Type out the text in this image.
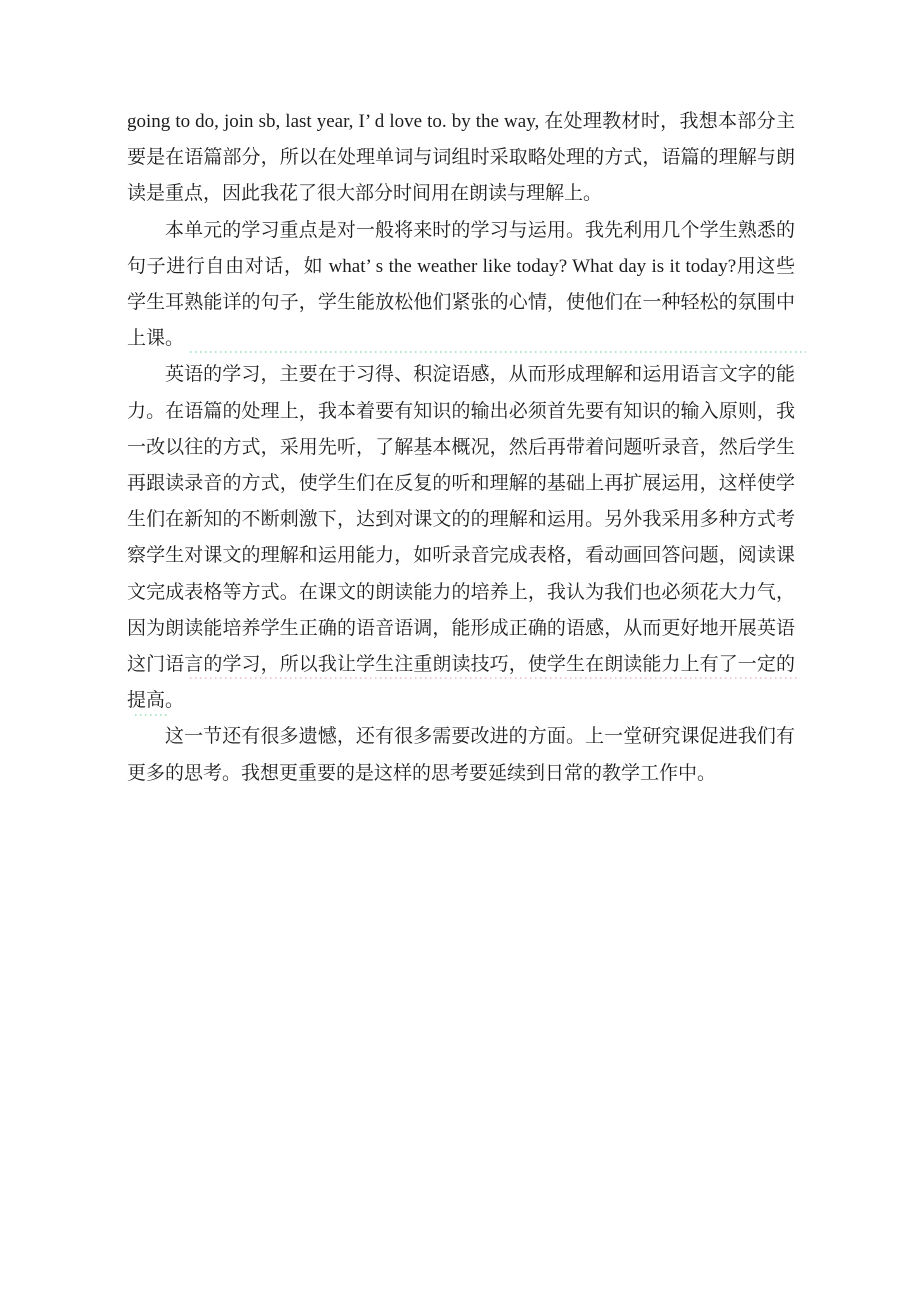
going to do, join sb, last year, I’ d love to. by the way, 在处理教材时，我想本部分主要是在语篇部分，所以在处理单词与词组时采取略处理的方式，语篇的理解与朗读是重点，因此我花了很大部分时间用在朗读与理解上。

本单元的学习重点是对一般将来时的学习与运用。我先利用几个学生熟悉的句子进行自由对话，如 what’ s the weather like today? What day is it today?用这些学生耳熟能详的句子，学生能放松他们紧张的心情，使他们在一种轻松的氛围中上课。

英语的学习，主要在于习得、积淀语感，从而形成理解和运用语言文字的能力。在语篇的处理上，我本着要有知识的输出必须首先要有知识的输入原则，我一改以往的方式，采用先听，了解基本概况，然后再带着问题听录音，然后学生再跟读录音的方式，使学生们在反复的听和理解的基础上再扩展运用，这样使学生们在新知的不断刺激下，达到对课文的的理解和运用。另外我采用多种方式考察学生对课文的理解和运用能力，如听录音完成表格，看动画回答问题，阅读课文完成表格等方式。在课文的朗读能力的培养上，我认为我们也必须花大力气，因为朗读能培养学生正确的语音语调，能形成正确的语感，从而更好地开展英语这门语言的学习，所以我让学生注重朗读技巧，使学生在朗读能力上有了一定的提高。

这一节还有很多遗憾，还有很多需要改进的方面。上一堂研究课促进我们有更多的思考。我想更重要的是这样的思考要延续到日常的教学工作中。
